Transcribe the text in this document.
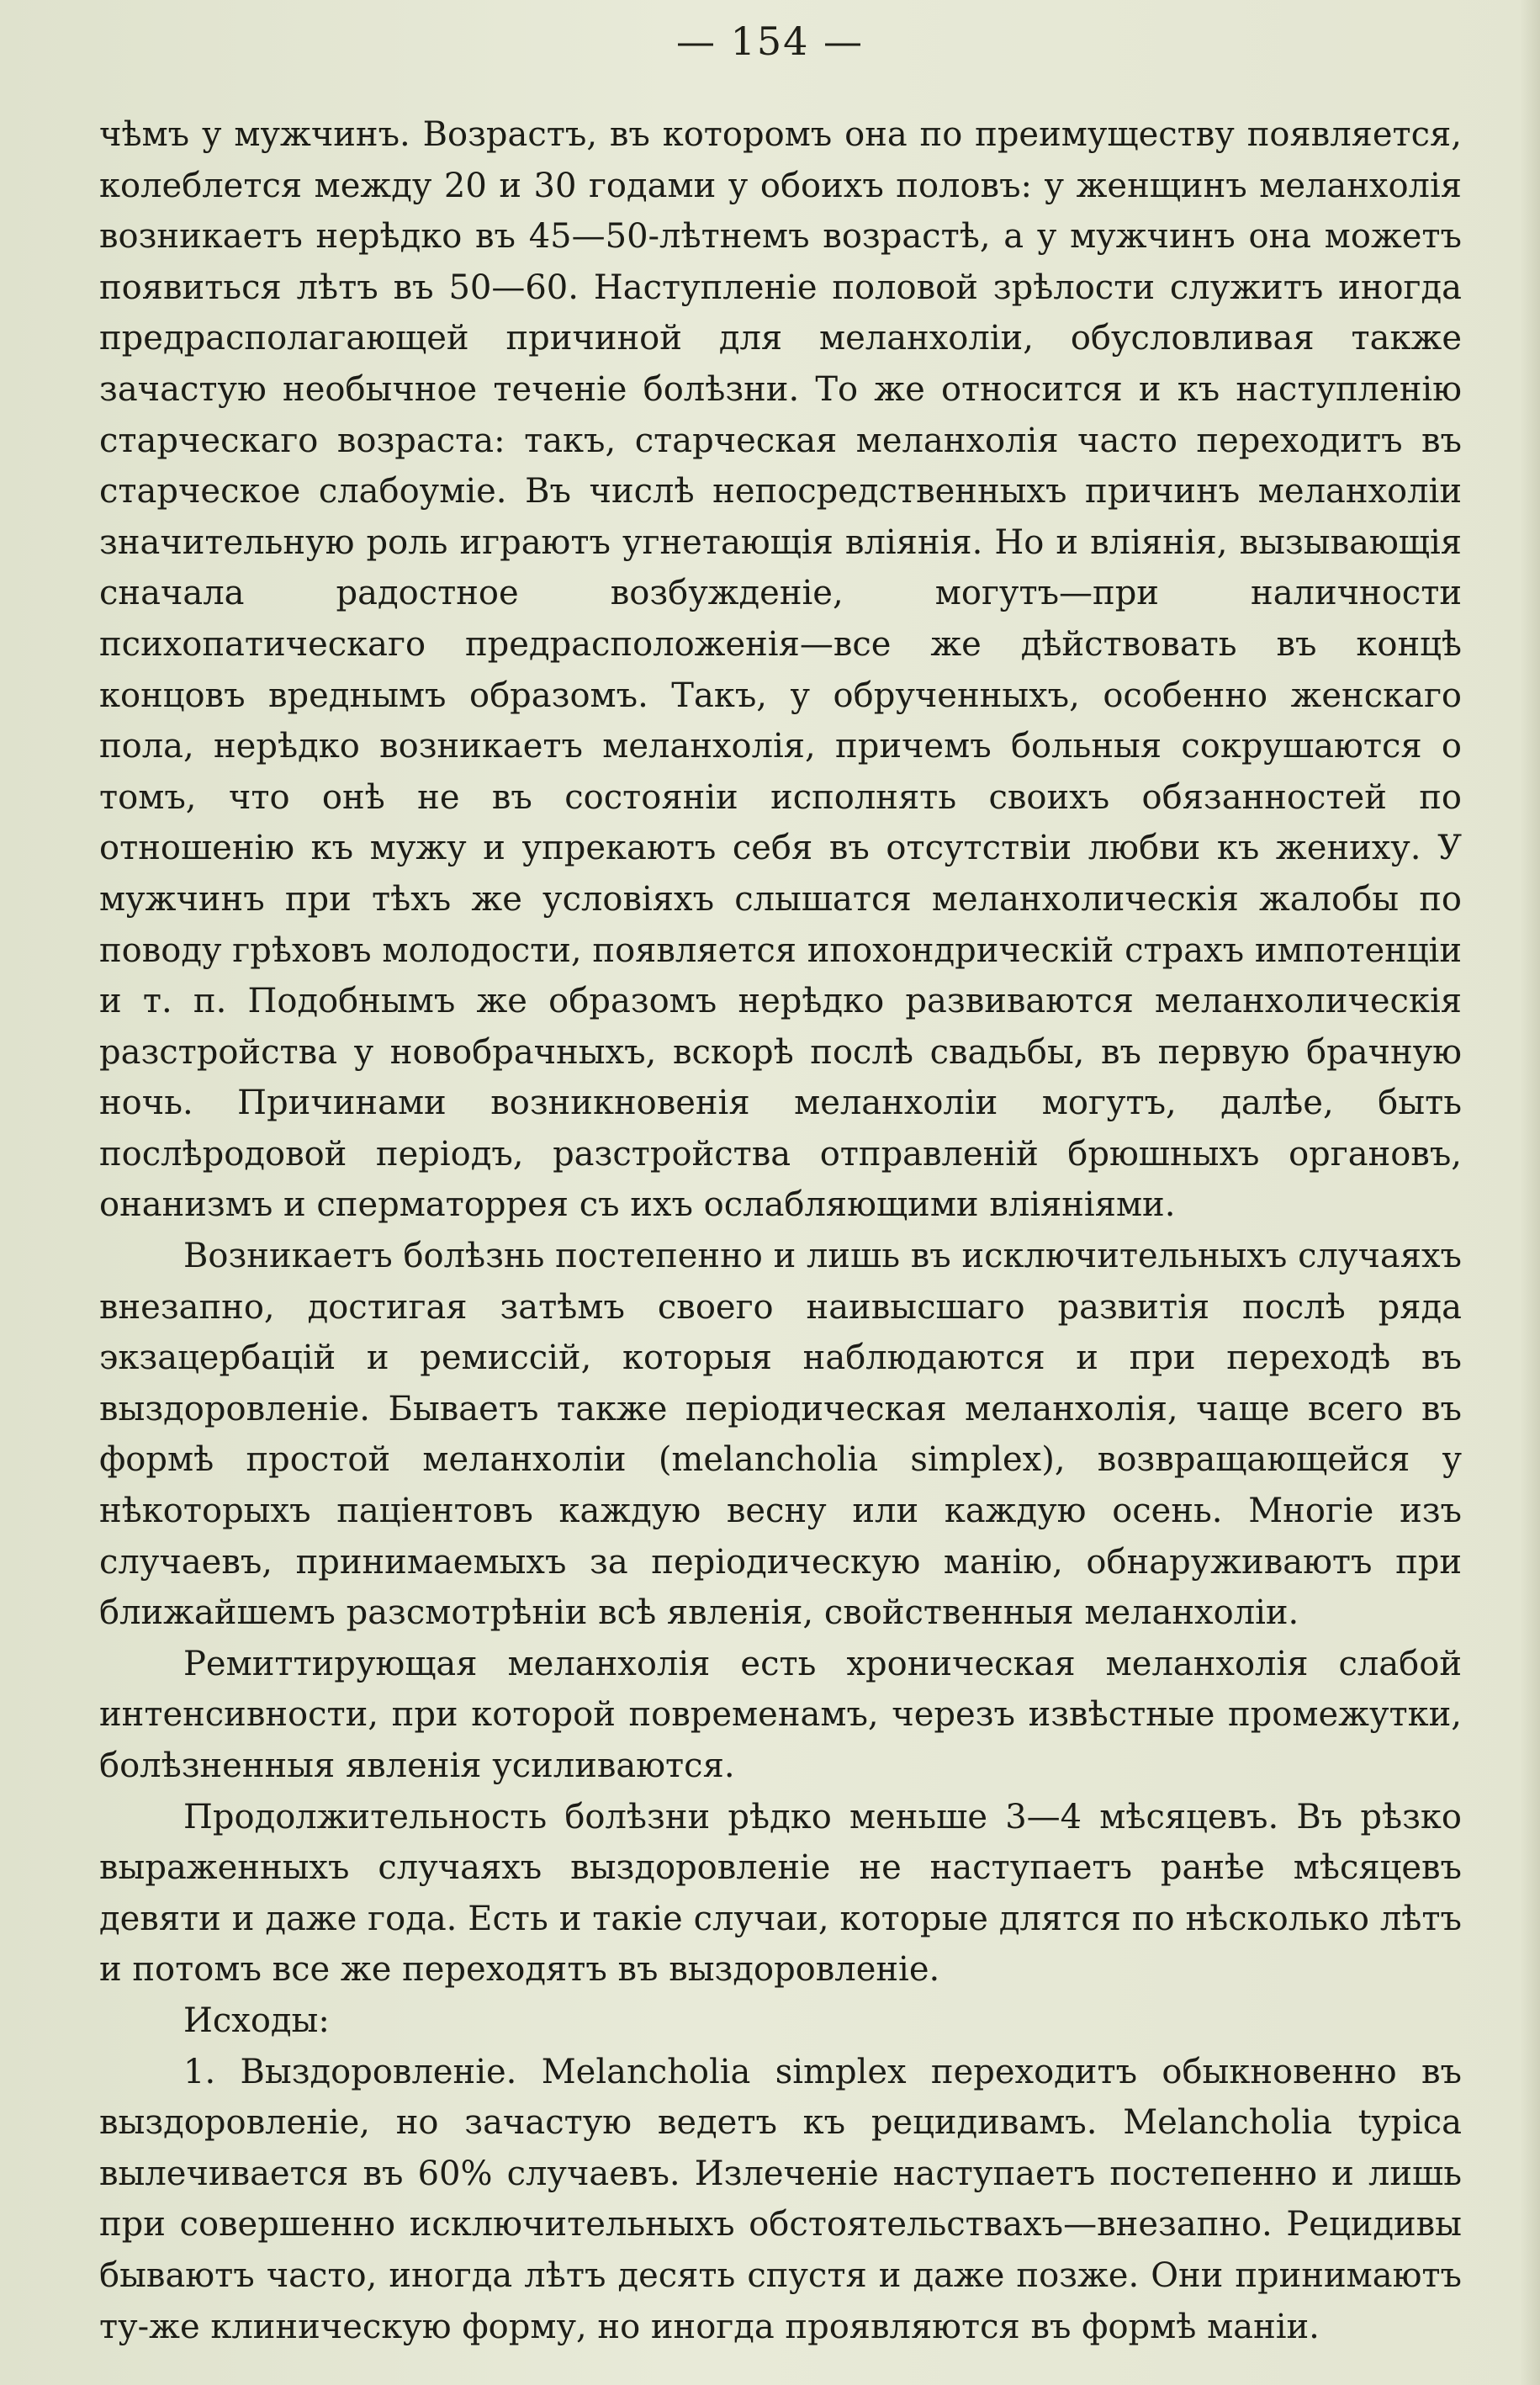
— 154 —

чѣмъ у мужчинъ. Возрастъ, въ которомъ она по преимуществу появляется, колеблется между 20 и 30 годами у обоихъ половъ: у женщинъ меланхолія возникаетъ нерѣдко въ 45—50-лѣтнемъ возрастѣ, а у мужчинъ она можетъ появиться лѣтъ въ 50—60. Наступленіе половой зрѣлости служитъ иногда предрасполагающей причиной для меланхоліи, обусловливая также зачастую необычное теченіе болѣзни. То же относится и къ наступленію старческаго возраста: такъ, старческая меланхолія часто переходитъ въ старческое слабоуміе. Въ числѣ непосредственныхъ причинъ меланхоліи значительную роль играютъ угнетающія вліянія. Но и вліянія, вызывающія сначала радостное возбужденіе, могутъ—при наличности психопатическаго предрасположенія—все же дѣйствовать въ концѣ концовъ вреднымъ образомъ. Такъ, у обрученныхъ, особенно женскаго пола, нерѣдко возникаетъ меланхолія, причемъ больныя сокрушаются о томъ, что онѣ не въ состояніи исполнять своихъ обязанностей по отношенію къ мужу и упрекаютъ себя въ отсутствіи любви къ жениху. У мужчинъ при тѣхъ же условіяхъ слышатся меланхолическія жалобы по поводу грѣховъ молодости, появляется ипохондрическій страхъ импотенціи и т. п. Подобнымъ же образомъ нерѣдко развиваются меланхолическія разстройства у новобрачныхъ, вскорѣ послѣ свадьбы, въ первую брачную ночь. Причинами возникновенія меланхоліи могутъ, далѣе, быть послѣродовой періодъ, разстройства отправленій брюшныхъ органовъ, онанизмъ и сперматоррея съ ихъ ослабляющими вліяніями.

Возникаетъ болѣзнь постепенно и лишь въ исключительныхъ случаяхъ внезапно, достигая затѣмъ своего наивысшаго развитія послѣ ряда экзацербацій и ремиссій, которыя наблюдаются и при переходѣ въ выздоровленіе. Бываетъ также періодическая меланхолія, чаще всего въ формѣ простой меланхоліи (melancholia simplex), возвращающейся у нѣкоторыхъ паціентовъ каждую весну или каждую осень. Многіе изъ случаевъ, принимаемыхъ за періодическую манію, обнаруживаютъ при ближайшемъ разсмотрѣніи всѣ явленія, свойственныя меланхоліи.

Ремиттирующая меланхолія есть хроническая меланхолія слабой интенсивности, при которой повременамъ, черезъ извѣстные промежутки, болѣзненныя явленія усиливаются.

Продолжительность болѣзни рѣдко меньше 3—4 мѣсяцевъ. Въ рѣзко выраженныхъ случаяхъ выздоровленіе не наступаетъ ранѣе мѣсяцевъ девяти и даже года. Есть и такіе случаи, которые длятся по нѣсколько лѣтъ и потомъ все же переходятъ въ выздоровленіе.

Исходы:

1. Выздоровленіе. Melancholia simplex переходитъ обыкновенно въ выздоровленіе, но зачастую ведетъ къ рецидивамъ. Melancholia typica вылечивается въ 60% случаевъ. Излеченіе наступаетъ постепенно и лишь при совершенно исключительныхъ обстоятельствахъ—внезапно. Рецидивы бываютъ часто, иногда лѣтъ десять спустя и даже позже. Они принимаютъ ту-же клиническую форму, но иногда проявляются въ формѣ маніи.
